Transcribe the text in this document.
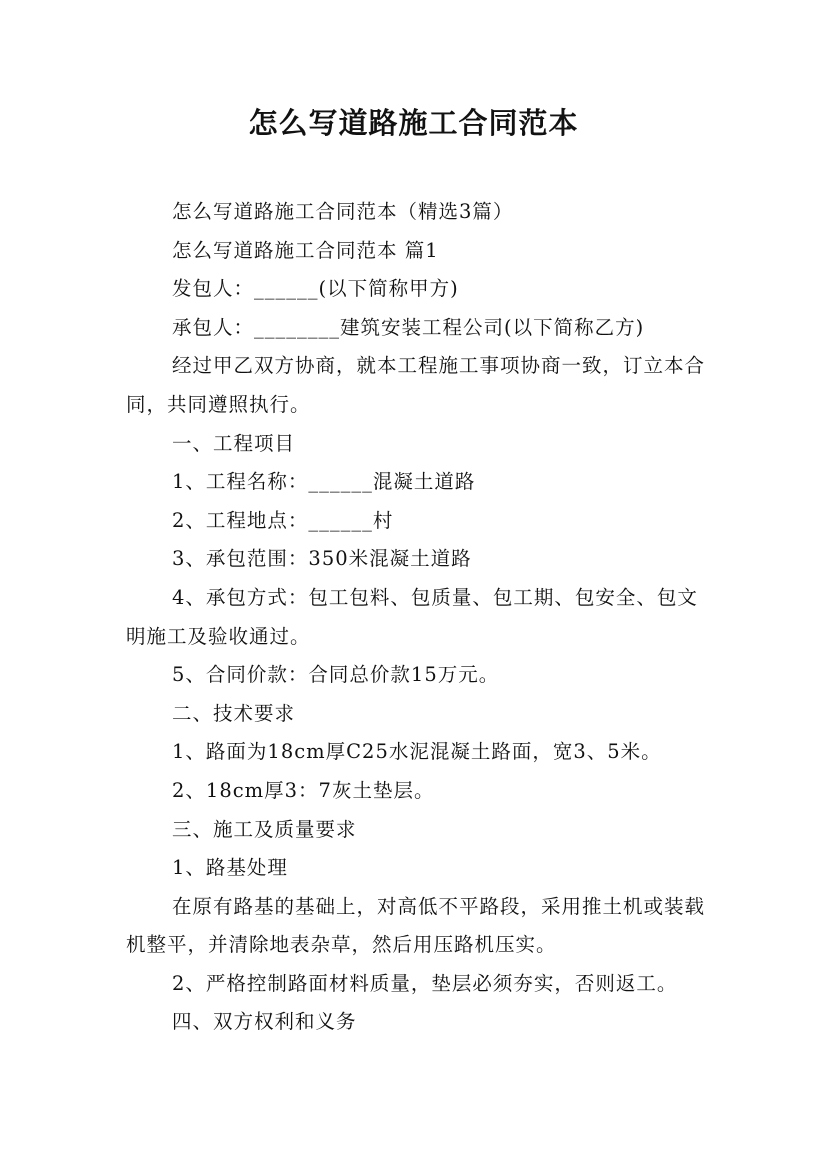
怎么写道路施工合同范本

怎么写道路施工合同范本（精选3篇）

怎么写道路施工合同范本 篇1

发包人：______(以下简称甲方)

承包人：________建筑安装工程公司(以下简称乙方)

经过甲乙双方协商，就本工程施工事项协商一致，订立本合同，共同遵照执行。

一、工程项目

1、工程名称：______混凝土道路

2、工程地点：______村

3、承包范围：350米混凝土道路

4、承包方式：包工包料、包质量、包工期、包安全、包文明施工及验收通过。

5、合同价款：合同总价款15万元。

二、技术要求

1、路面为18cm厚C25水泥混凝土路面，宽3、5米。

2、18cm厚3：7灰土垫层。

三、施工及质量要求

1、路基处理

在原有路基的基础上，对高低不平路段，采用推土机或装载机整平，并清除地表杂草，然后用压路机压实。

2、严格控制路面材料质量，垫层必须夯实，否则返工。

四、双方权利和义务
